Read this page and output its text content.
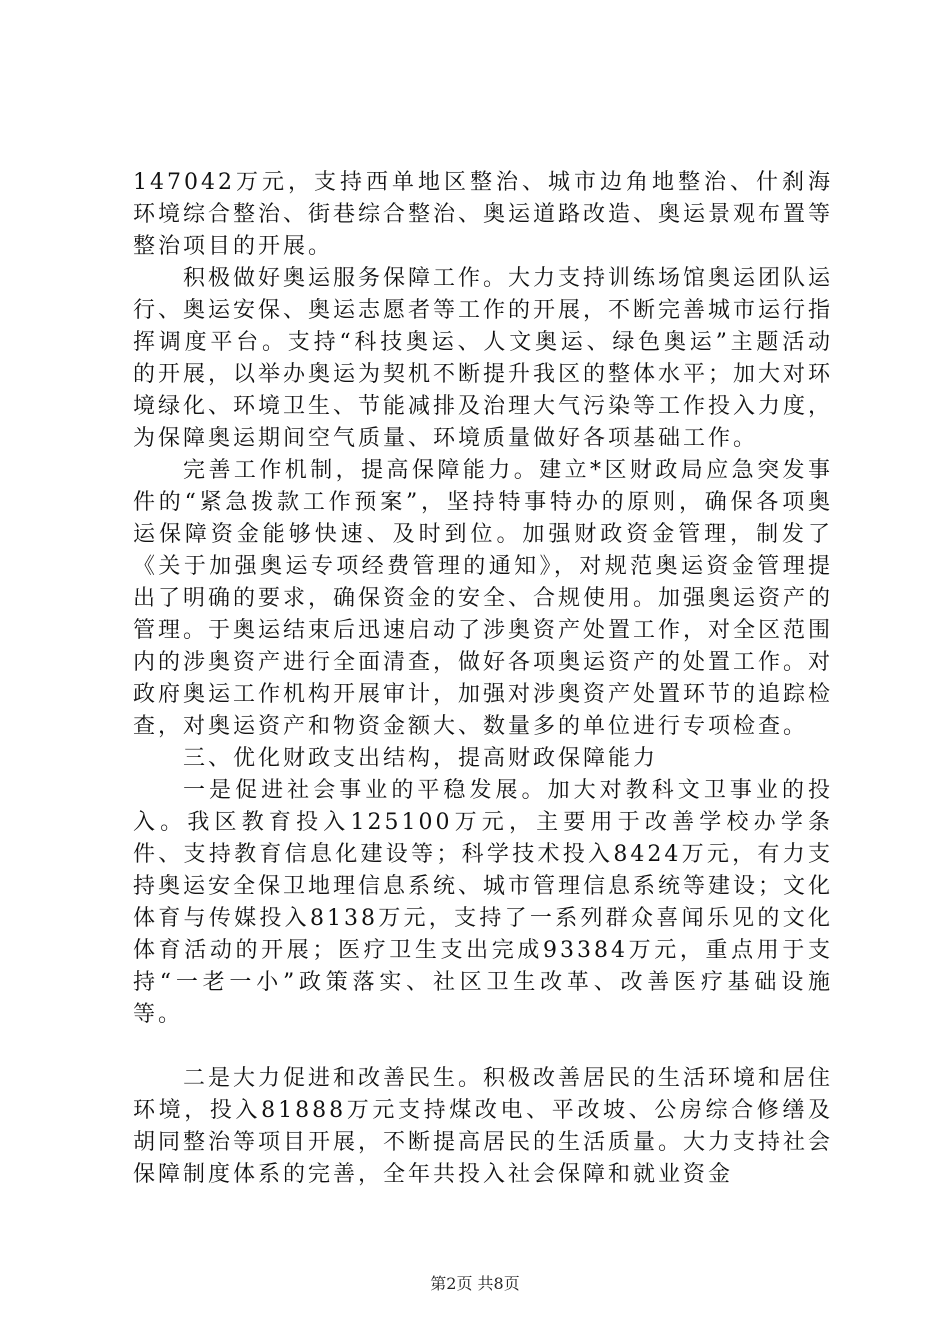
147042万元，支持西单地区整治、城市边角地整治、什刹海环境综合整治、街巷综合整治、奥运道路改造、奥运景观布置等整治项目的开展。

积极做好奥运服务保障工作。大力支持训练场馆奥运团队运行、奥运安保、奥运志愿者等工作的开展，不断完善城市运行指挥调度平台。支持“科技奥运、人文奥运、绿色奥运”主题活动的开展，以举办奥运为契机不断提升我区的整体水平；加大对环境绿化、环境卫生、节能减排及治理大气污染等工作投入力度，为保障奥运期间空气质量、环境质量做好各项基础工作。

完善工作机制，提高保障能力。建立*区财政局应急突发事件的“紧急拨款工作预案”，坚持特事特办的原则，确保各项奥运保障资金能够快速、及时到位。加强财政资金管理，制发了《关于加强奥运专项经费管理的通知》，对规范奥运资金管理提出了明确的要求，确保资金的安全、合规使用。加强奥运资产的管理。于奥运结束后迅速启动了涉奥资产处置工作，对全区范围内的涉奥资产进行全面清查，做好各项奥运资产的处置工作。对政府奥运工作机构开展审计，加强对涉奥资产处置环节的追踪检查，对奥运资产和物资金额大、数量多的单位进行专项检查。

三、优化财政支出结构，提高财政保障能力

一是促进社会事业的平稳发展。加大对教科文卫事业的投入。我区教育投入125100万元，主要用于改善学校办学条件、支持教育信息化建设等；科学技术投入8424万元，有力支持奥运安全保卫地理信息系统、城市管理信息系统等建设；文化体育与传媒投入8138万元，支持了一系列群众喜闻乐见的文化体育活动的开展；医疗卫生支出完成93384万元，重点用于支持“一老一小”政策落实、社区卫生改革、改善医疗基础设施等。

二是大力促进和改善民生。积极改善居民的生活环境和居住环境，投入81888万元支持煤改电、平改坡、公房综合修缮及胡同整治等项目开展，不断提高居民的生活质量。大力支持社会保障制度体系的完善，全年共投入社会保障和就业资金

第2页 共8页
